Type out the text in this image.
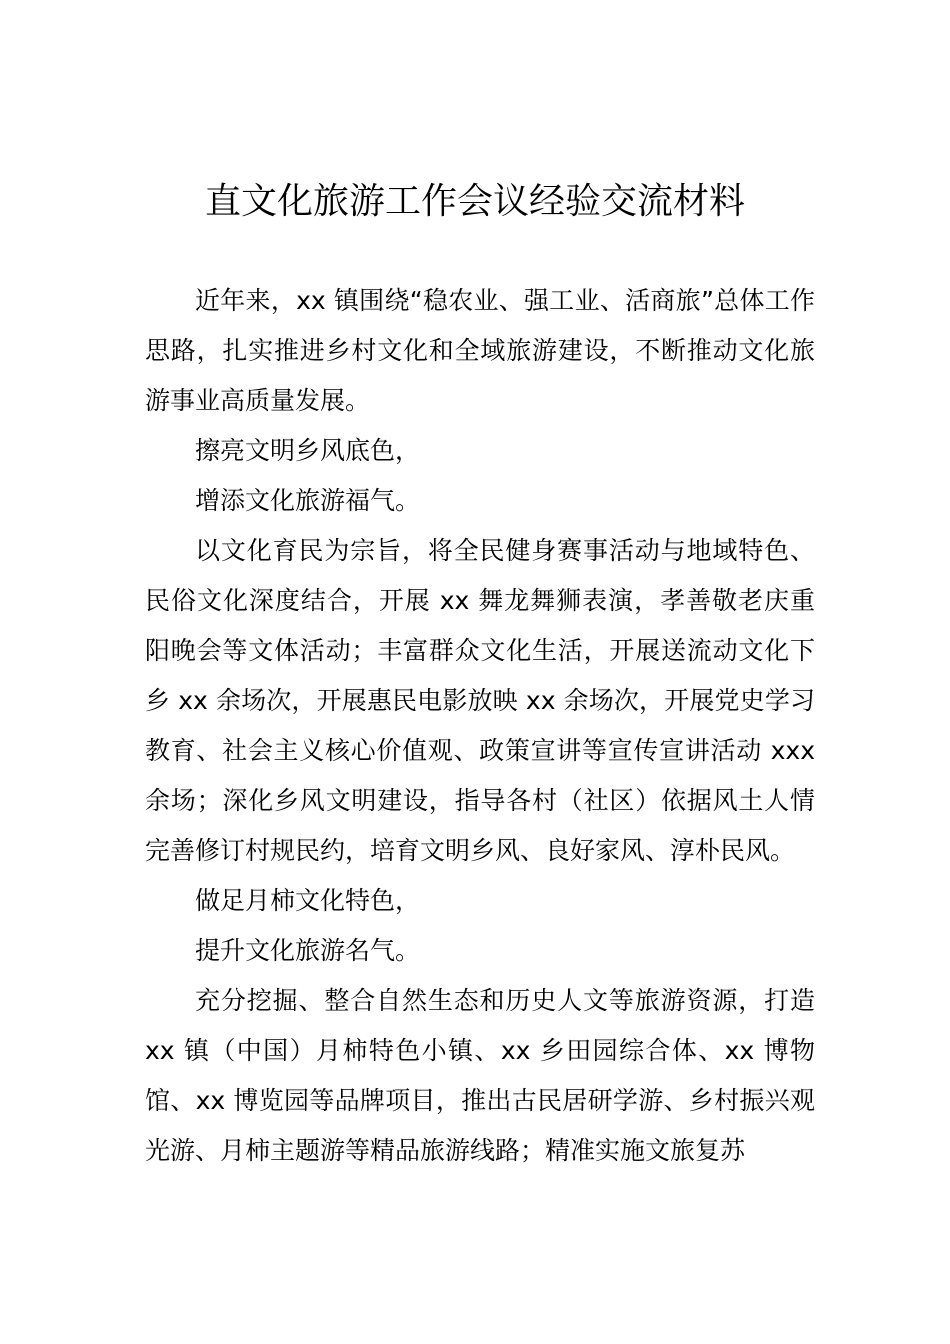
直文化旅游工作会议经验交流材料

近年来，xx 镇围绕“稳农业、强工业、活商旅”总体工作思路，扎实推进乡村文化和全域旅游建设，不断推动文化旅游事业高质量发展。

擦亮文明乡风底色，

增添文化旅游福气。

以文化育民为宗旨，将全民健身赛事活动与地域特色、民俗文化深度结合，开展 xx 舞龙舞狮表演，孝善敬老庆重阳晚会等文体活动；丰富群众文化生活，开展送流动文化下乡 xx 余场次，开展惠民电影放映 xx 余场次，开展党史学习教育、社会主义核心价值观、政策宣讲等宣传宣讲活动 xxx 余场；深化乡风文明建设，指导各村（社区）依据风土人情完善修订村规民约，培育文明乡风、良好家风、淳朴民风。

做足月柿文化特色，

提升文化旅游名气。

充分挖掘、整合自然生态和历史人文等旅游资源，打造 xx 镇（中国）月柿特色小镇、xx 乡田园综合体、xx 博物馆、xx 博览园等品牌项目，推出古民居研学游、乡村振兴观光游、月柿主题游等精品旅游线路；精准实施文旅复苏
